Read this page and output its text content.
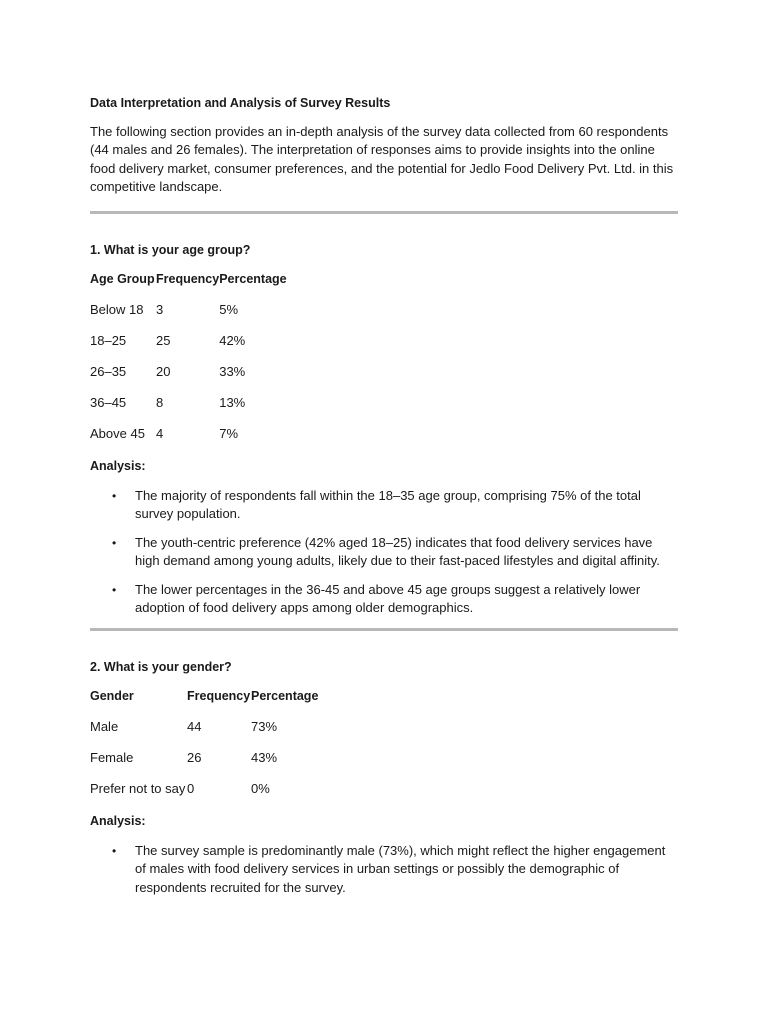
Data Interpretation and Analysis of Survey Results

The following section provides an in-depth analysis of the survey data collected from 60 respondents (44 males and 26 females). The interpretation of responses aims to provide insights into the online food delivery market, consumer preferences, and the potential for Jedlo Food Delivery Pvt. Ltd. in this competitive landscape.

1. What is your age group?

Age Group	Frequency	Percentage
Below 18	3	5%
18–25	25	42%
26–35	20	33%
36–45	8	13%
Above 45	4	7%

Analysis:

• The majority of respondents fall within the 18–35 age group, comprising 75% of the total survey population.
• The youth-centric preference (42% aged 18–25) indicates that food delivery services have high demand among young adults, likely due to their fast-paced lifestyles and digital affinity.
• The lower percentages in the 36-45 and above 45 age groups suggest a relatively lower adoption of food delivery apps among older demographics.

2. What is your gender?

Gender	Frequency	Percentage
Male	44	73%
Female	26	43%
Prefer not to say	0	0%

Analysis:

• The survey sample is predominantly male (73%), which might reflect the higher engagement of males with food delivery services in urban settings or possibly the demographic of respondents recruited for the survey.
